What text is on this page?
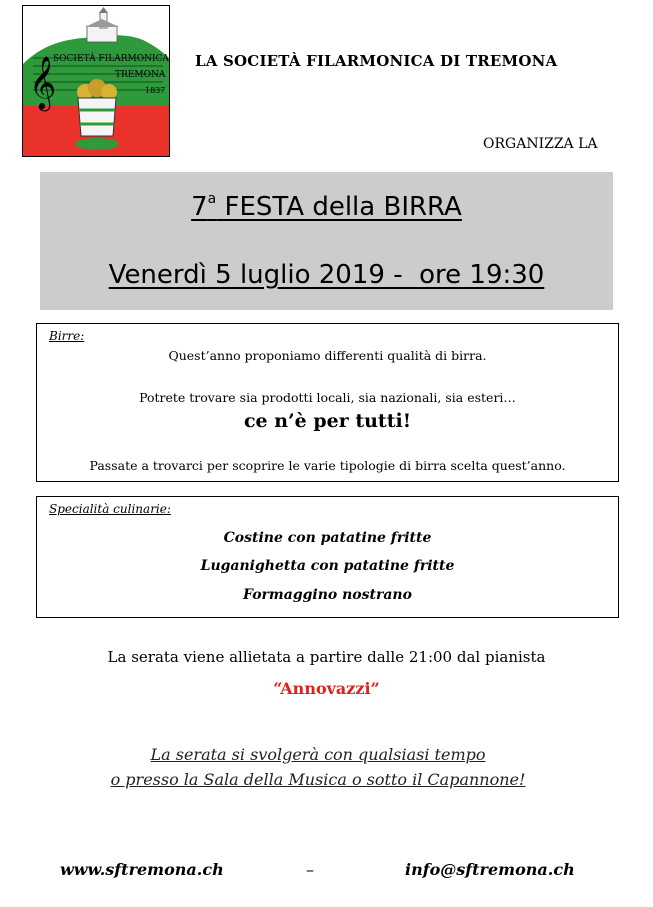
𝄞
SOCIETÀ FILARMONICA
TREMONA
1837
LA SOCIETÀ FILARMONICA DI TREMONA
ORGANIZZA LA
7$^a$ FESTA della BIRRA
Venerdì 5 luglio 2019 -  ore 19:30
Birre:
Quest’anno proponiamo differenti qualità di birra.
Potrete trovare sia prodotti locali, sia nazionali, sia esteri…
ce n’è per tutti!
Passate a trovarci per scoprire le varie tipologie di birra scelta quest’anno.
Specialità culinarie:
Costine con patatine fritte
Luganighetta con patatine fritte
Formaggino nostrano
La serata viene allietata a partire dalle 21:00 dal pianista
“Annovazzi”
La serata si svolgerà con qualsiasi tempo
o presso la Sala della Musica o sotto il Capannone!
www.sftremona.ch	–	info@sftremona.ch
